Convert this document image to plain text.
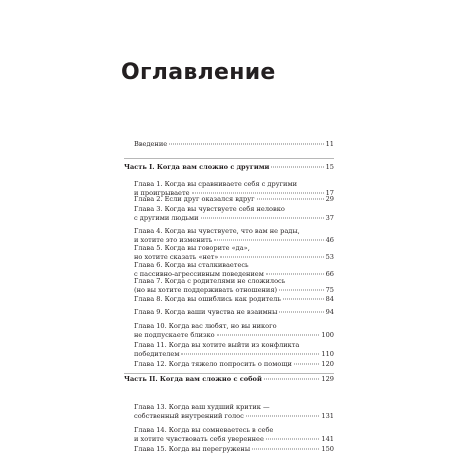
Оглавление
Введение	11
Часть I. Когда вам сложно с другими	15
Глава 1. Когда вы сравниваете себя с другими
и проигрываете	17
Глава 2. Если друг оказался вдруг	29
Глава 3. Когда вы чувствуете себя неловко
с другими людьми	37
Глава 4. Когда вы чувствуете, что вам не рады,
и хотите это изменить	46
Глава 5. Когда вы говорите «да»,
но хотите сказать «нет»	53
Глава 6. Когда вы сталкиваетесь
с пассивно-агрессивным поведением	66
Глава 7. Когда с родителями не сложилось
(но вы хотите поддерживать отношения)	75
Глава 8. Когда вы ошиблись как родитель	84
Глава 9. Когда ваши чувства не взаимны	94
Глава 10. Когда вас любят, но вы никого
не подпускаете близко	100
Глава 11. Когда вы хотите выйти из конфликта
победителем	110
Глава 12. Когда тяжело попросить о помощи	120
Часть II. Когда вам сложно с собой	129
Глава 13. Когда ваш худший критик —
собственный внутренний голос	131
Глава 14. Когда вы сомневаетесь в себе
и хотите чувствовать себя увереннее	141
Глава 15. Когда вы перегружены	150
